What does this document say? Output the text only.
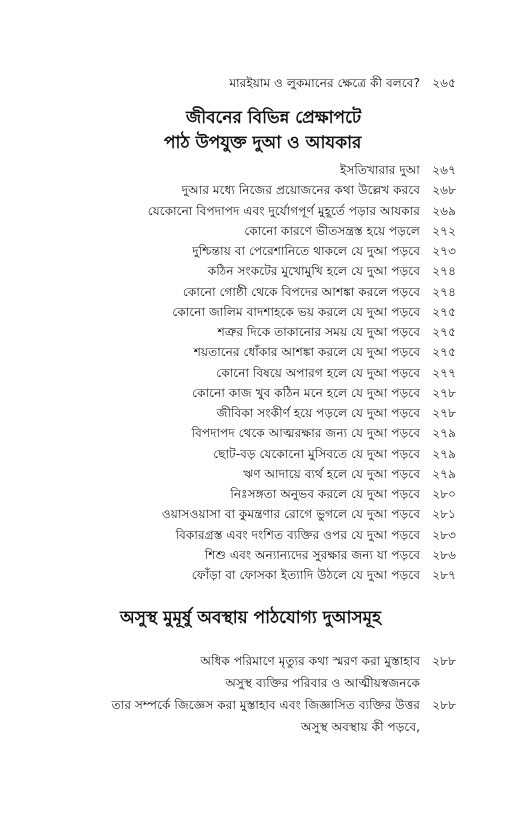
মারইয়াম ও লুকমানের ক্ষেত্রে কী বলবে?	২৬৫
জীবনের বিভিন্ন প্রেক্ষাপটে
পাঠ উপযুক্ত দুআ ও আযকার
ইসতিখারার দুআ	২৬৭
দুআর মধ্যে নিজের প্রয়োজনের কথা উল্লেখ করবে	২৬৮
যেকোনো বিপদাপদ এবং দুর্যোগপূর্ণ মুহূর্তে পড়ার আযকার	২৬৯
কোনো কারণে ভীতসন্ত্রস্ত হয়ে পড়লে	২৭২
দুশ্চিন্তায় বা পেরেশানিতে থাকলে যে দুআ পড়বে	২৭৩
কঠিন সংকটের মুখোমুখি হলে যে দুআ পড়বে	২৭৪
কোনো গোষ্ঠী থেকে বিপদের আশঙ্কা করলে পড়বে	২৭৪
কোনো জালিম বাদশাহকে ভয় করলে যে দুআ পড়বে	২৭৫
শত্রুর দিকে তাকানোর সময় যে দুআ পড়বে	২৭৫
শয়তানের ধোঁকার আশঙ্কা করলে যে দুআ পড়বে	২৭৫
কোনো বিষয়ে অপারগ হলে যে দুআ পড়বে	২৭৭
কোনো কাজ খুব কঠিন মনে হলে যে দুআ পড়বে	২৭৮
জীবিকা সংকীর্ণ হয়ে পড়লে যে দুআ পড়বে	২৭৮
বিপদাপদ থেকে আত্মরক্ষার জন্য যে দুআ পড়বে	২৭৯
ছোট-বড় যেকোনো মুসিবতে যে দুআ পড়বে	২৭৯
ঋণ আদায়ে ব্যর্থ হলে যে দুআ পড়বে	২৭৯
নিঃসঙ্গতা অনুভব করলে যে দুআ পড়বে	২৮০
ওয়াসওয়াসা বা কুমন্ত্রণার রোগে ভুগলে যে দুআ পড়বে	২৮১
বিকারগ্রস্ত এবং দংশিত ব্যক্তির ওপর যে দুআ পড়বে	২৮৩
শিশু এবং অন্যান্যদের সুরক্ষার জন্য যা পড়বে	২৮৬
ফোঁড়া বা ফোসকা ইত্যাদি উঠলে যে দুআ পড়বে	২৮৭
অসুস্থ মুমূর্ষু অবস্থায় পাঠযোগ্য দুআসমূহ
অধিক পরিমাণে মৃত্যুর কথা স্মরণ করা মুস্তাহাব	২৮৮
অসুস্থ ব্যক্তির পরিবার ও আত্মীয়স্বজনকে
তার সম্পর্কে জিজ্ঞেস করা মুস্তাহাব এবং জিজ্ঞাসিত ব্যক্তির উত্তর	২৮৮
অসুস্থ অবস্থায় কী পড়বে,
